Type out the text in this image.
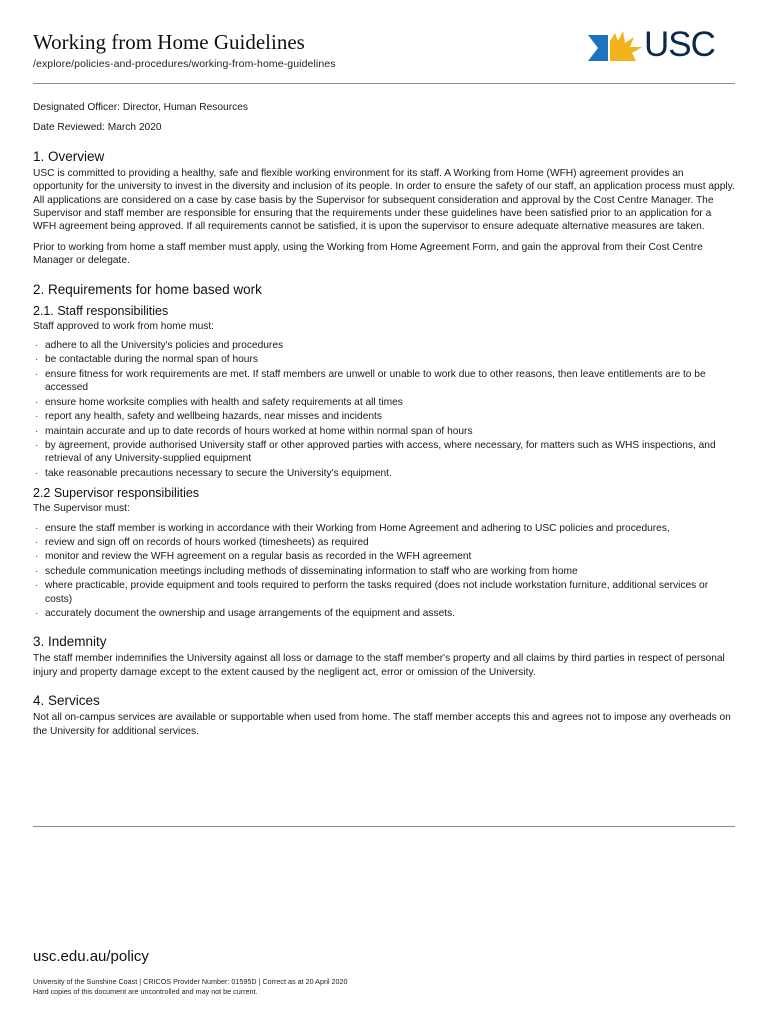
Working from Home Guidelines
/explore/policies-and-procedures/working-from-home-guidelines	USC

Designated Officer: Director, Human Resources

Date Reviewed: March 2020

1. Overview

USC is committed to providing a healthy, safe and flexible working environment for its staff. A Working from Home (WFH) agreement provides an opportunity for the university to invest in the diversity and inclusion of its people. In order to ensure the safety of our staff, an application process must apply. All applications are considered on a case by case basis by the Supervisor for subsequent consideration and approval by the Cost Centre Manager. The Supervisor and staff member are responsible for ensuring that the requirements under these guidelines have been satisfied prior to an application for a WFH agreement being approved. If all requirements cannot be satisfied, it is upon the supervisor to ensure adequate alternative measures are taken.

Prior to working from home a staff member must apply, using the Working from Home Agreement Form, and gain the approval from their Cost Centre Manager or delegate.

2. Requirements for home based work
2.1. Staff responsibilities

Staff approved to work from home must:

· adhere to all the University's policies and procedures
· be contactable during the normal span of hours
· ensure fitness for work requirements are met. If staff members are unwell or unable to work due to other reasons, then leave entitlements are to be accessed
· ensure home worksite complies with health and safety requirements at all times
· report any health, safety and wellbeing hazards, near misses and incidents
· maintain accurate and up to date records of hours worked at home within normal span of hours
· by agreement, provide authorised University staff or other approved parties with access, where necessary, for matters such as WHS inspections, and retrieval of any University-supplied equipment
· take reasonable precautions necessary to secure the University's equipment.
2.2 Supervisor responsibilities

The Supervisor must:

· ensure the staff member is working in accordance with their Working from Home Agreement and adhering to USC policies and procedures,
· review and sign off on records of hours worked (timesheets) as required
· monitor and review the WFH agreement on a regular basis as recorded in the WFH agreement
· schedule communication meetings including methods of disseminating information to staff who are working from home
· where practicable, provide equipment and tools required to perform the tasks required (does not include workstation furniture, additional services or costs)
· accurately document the ownership and usage arrangements of the equipment and assets.
3. Indemnity

The staff member indemnifies the University against all loss or damage to the staff member's property and all claims by third parties in respect of personal injury and property damage except to the extent caused by the negligent act, error or omission of the University.

4. Services

Not all on-campus services are available or supportable when used from home. The staff member accepts this and agrees not to impose any overheads on the University for additional services.

usc.edu.au/policy
University of the Sunshine Coast | CRICOS Provider Number: 01595D | Correct as at 20 April 2020
Hard copies of this document are uncontrolled and may not be current.
